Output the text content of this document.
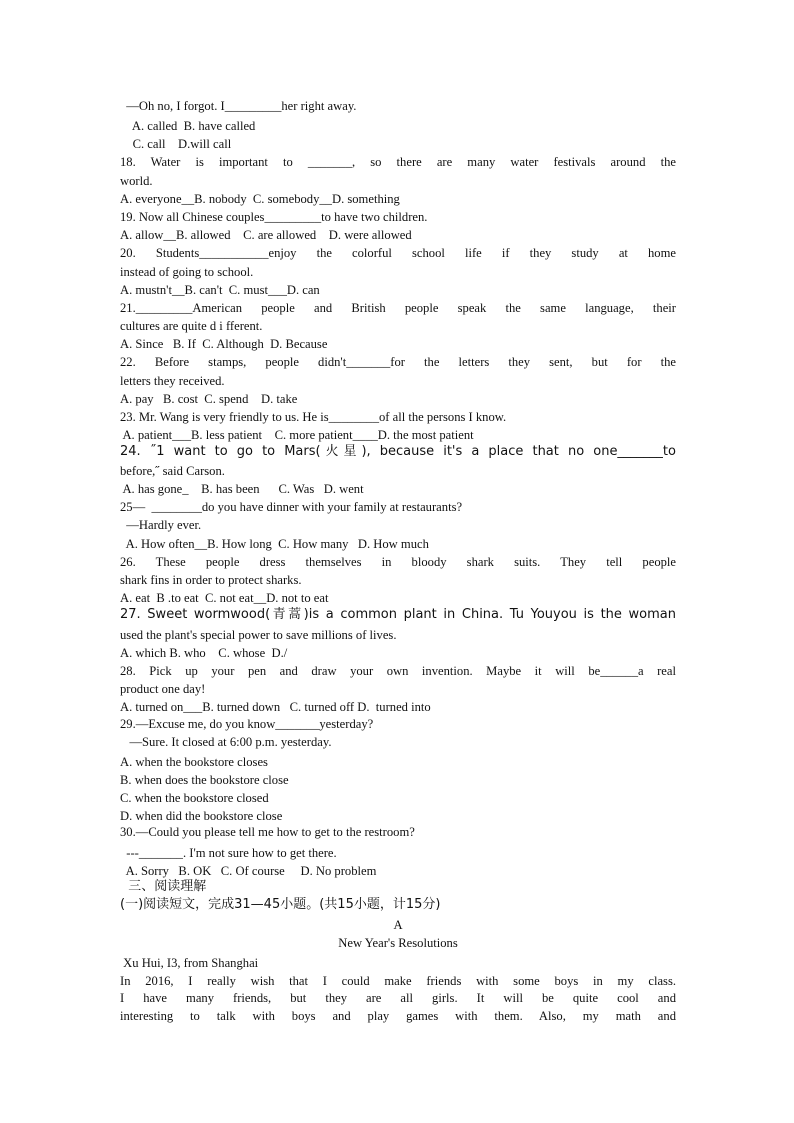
—Oh no, I forgot. I_________her right away.
A. called  B. have called
C. call    D.will call
18. Water is important to _______, so there are many water festivals around the
world.
A. everyone__B. nobody  C. somebody__D. something
19. Now all Chinese couples_________to have two children.
A. allow__B. allowed    C. are allowed    D. were allowed
20. Students___________enjoy the colorful school life if they study at home
instead of going to school.
A. mustn't__B. can't  C. must___D. can
21._________American people and British people speak the same language, their
cultures are quite d i fferent.
A. Since   B. If  C. Although  D. Because
22. Before stamps, people didn't_______for the letters they sent, but for the
letters they received.
A. pay   B. cost  C. spend    D. take
23. Mr. Wang is very friendly to us. He is________of all the persons I know.
A. patient___B. less patient    C. more patient____D. the most patient
24. ˝1 want to go to Mars(火星), because it's a place that no one_______to
before,˝ said Carson.
A. has gone_    B. has been      C. Was   D. went
25—  ________do you have dinner with your family at restaurants?
—Hardly ever.
A. How often__B. How long  C. How many   D. How much
26. These people dress themselves in bloody shark suits. They tell people
shark fins in order to protect sharks.
A. eat  B .to eat  C. not eat__D. not to eat
27. Sweet wormwood(青蒿)is a common plant in China. Tu Youyou is the woman
used the plant's special power to save millions of lives.
A. which B. who    C. whose  D./
28. Pick up your pen and draw your own invention. Maybe it will be______a real
product one day!
A. turned on___B. turned down   C. turned off D.  turned into
29.—Excuse me, do you know_______yesterday?
—Sure. It closed at 6:00 p.m. yesterday.
A. when the bookstore closes
B. when does the bookstore close
C. when the bookstore closed
D. when did the bookstore close
30.—Could you please tell me how to get to the restroom?
---_______. I'm not sure how to get there.
A. Sorry   B. OK   C. Of course     D. No problem
三、阅读理解
(一)阅读短文，完成31—45小题。(共15小题，计15分)
A
New Year's Resolutions
Xu Hui, I3, from Shanghai
In 2016, I really wish that I could make friends with some boys in my class.
I have many friends, but they are all girls. It will be quite cool and
interesting to talk with boys and play games with them. Also, my math and
